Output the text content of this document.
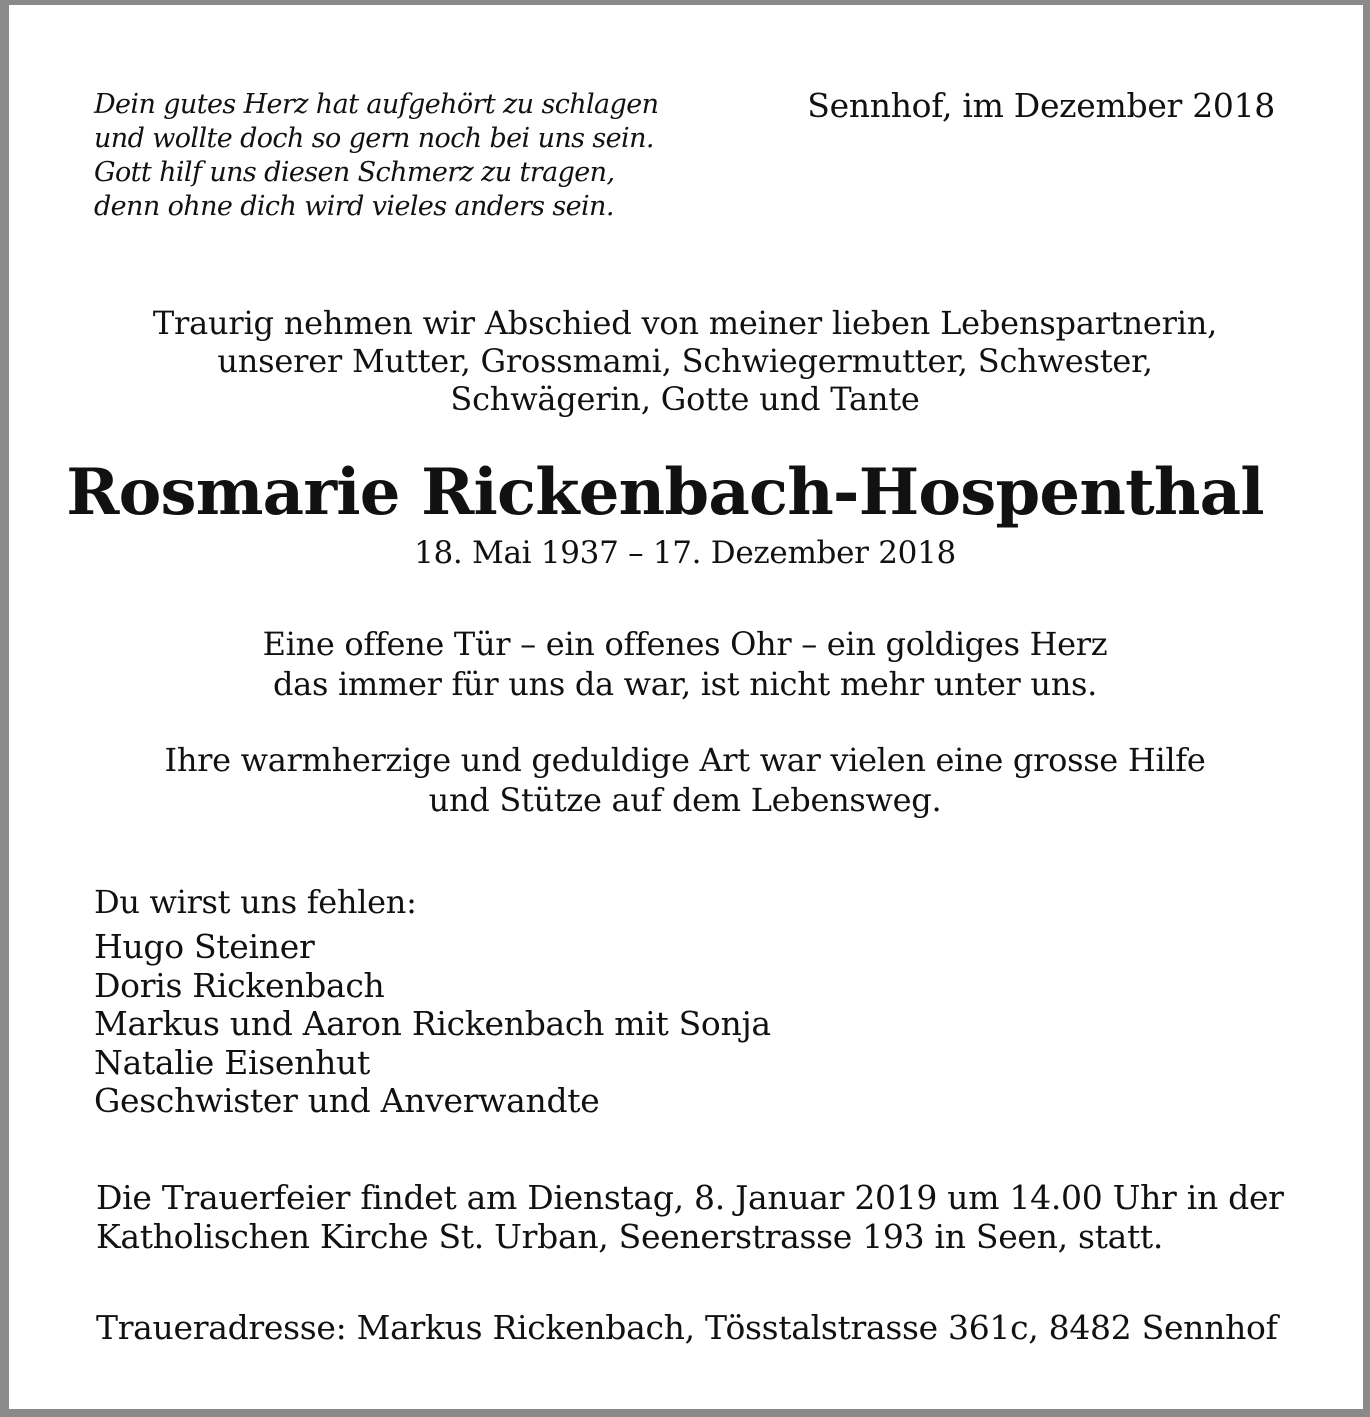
Dein gutes Herz hat aufgehört zu schlagen
und wollte doch so gern noch bei uns sein.
Gott hilf uns diesen Schmerz zu tragen,
denn ohne dich wird vieles anders sein.
Sennhof, im Dezember 2018
Traurig nehmen wir Abschied von meiner lieben Lebenspartnerin,
unserer Mutter, Grossmami, Schwiegermutter, Schwester,
Schwägerin, Gotte und Tante
Rosmarie Rickenbach-Hospenthal
18. Mai 1937 – 17. Dezember 2018
Eine offene Tür – ein offenes Ohr – ein goldiges Herz
das immer für uns da war, ist nicht mehr unter uns.
Ihre warmherzige und geduldige Art war vielen eine grosse Hilfe
und Stütze auf dem Lebensweg.
Du wirst uns fehlen:
Hugo Steiner
Doris Rickenbach
Markus und Aaron Rickenbach mit Sonja
Natalie Eisenhut
Geschwister und Anverwandte
Die Trauerfeier findet am Dienstag, 8. Januar 2019 um 14.00 Uhr in der
Katholischen Kirche St. Urban, Seenerstrasse 193 in Seen, statt.
Traueradresse: Markus Rickenbach, Tösstalstrasse 361c, 8482 Sennhof
